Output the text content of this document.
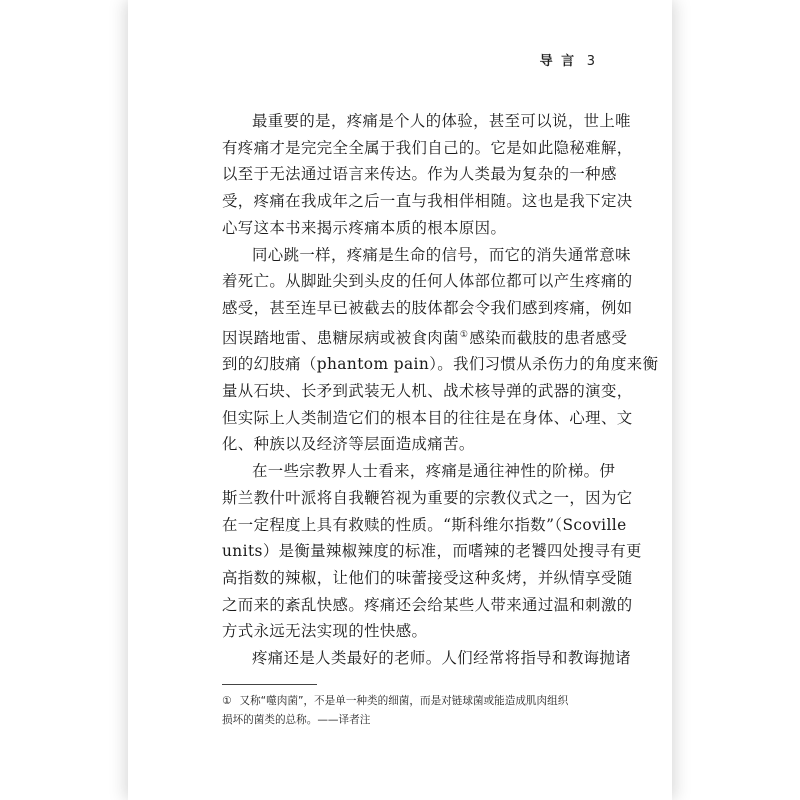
导 言 3

最重要的是，疼痛是个人的体验，甚至可以说，世上唯
有疼痛才是完完全全属于我们自己的。它是如此隐秘难解，
以至于无法通过语言来传达。作为人类最为复杂的一种感
受，疼痛在我成年之后一直与我相伴相随。这也是我下定决
心写这本书来揭示疼痛本质的根本原因。

同心跳一样，疼痛是生命的信号，而它的消失通常意味
着死亡。从脚趾尖到头皮的任何人体部位都可以产生疼痛的
感受，甚至连早已被截去的肢体都会令我们感到疼痛，例如
因误踏地雷、患糖尿病或被食肉菌①感染而截肢的患者感受
到的幻肢痛（phantom pain）。我们习惯从杀伤力的角度来衡
量从石块、长矛到武装无人机、战术核导弹的武器的演变，
但实际上人类制造它们的根本目的往往是在身体、心理、文
化、种族以及经济等层面造成痛苦。

在一些宗教界人士看来，疼痛是通往神性的阶梯。伊
斯兰教什叶派将自我鞭笞视为重要的宗教仪式之一，因为它
在一定程度上具有救赎的性质。“斯科维尔指数”（Scoville
units）是衡量辣椒辣度的标准，而嗜辣的老饕四处搜寻有更
高指数的辣椒，让他们的味蕾接受这种炙烤，并纵情享受随
之而来的紊乱快感。疼痛还会给某些人带来通过温和刺激的
方式永远无法实现的性快感。

疼痛还是人类最好的老师。人们经常将指导和教诲抛诸

① 又称“噬肉菌”，不是单一种类的细菌，而是对链球菌或能造成肌肉组织
损坏的菌类的总称。——译者注
